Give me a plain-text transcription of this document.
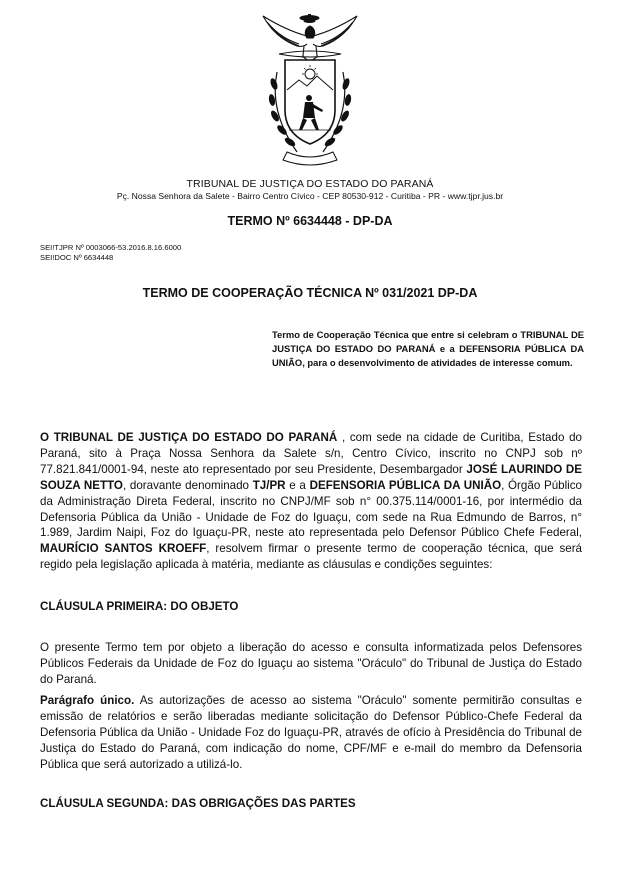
TRIBUNAL DE JUSTIÇA DO ESTADO DO PARANÁ
Pç. Nossa Senhora da Salete - Bairro Centro Cívico - CEP 80530-912 - Curitiba - PR - www.tjpr.jus.br
TERMO Nº 6634448 - DP-DA
SEI!TJPR Nº 0003066-53.2016.8.16.6000
SEI!DOC Nº 6634448
TERMO DE COOPERAÇÃO TÉCNICA Nº 031/2021 DP-DA
Termo de Cooperação Técnica que entre si celebram o TRIBUNAL DE JUSTIÇA DO ESTADO DO PARANÁ e a DEFENSORIA PÚBLICA DA UNIÃO, para o desenvolvimento de atividades de interesse comum.
O TRIBUNAL DE JUSTIÇA DO ESTADO DO PARANÁ , com sede na cidade de Curitiba, Estado do Paraná, sito à Praça Nossa Senhora da Salete s/n, Centro Cívico, inscrito no CNPJ sob nº 77.821.841/0001-94, neste ato representado por seu Presidente, Desembargador JOSÉ LAURINDO DE SOUZA NETTO, doravante denominado TJ/PR e a DEFENSORIA PÚBLICA DA UNIÃO, Órgão Público da Administração Direta Federal, inscrito no CNPJ/MF sob n° 00.375.114/0001-16, por intermédio da Defensoria Pública da União - Unidade de Foz do Iguaçu, com sede na Rua Edmundo de Barros, n° 1.989, Jardim Naipi, Foz do Iguaçu-PR, neste ato representada pelo Defensor Público Chefe Federal, MAURÍCIO SANTOS KROEFF, resolvem firmar o presente termo de cooperação técnica, que será regido pela legislação aplicada à matéria, mediante as cláusulas e condições seguintes:
CLÁUSULA PRIMEIRA: DO OBJETO
O presente Termo tem por objeto a liberação do acesso e consulta informatizada pelos Defensores Públicos Federais da Unidade de Foz do Iguaçu ao sistema "Oráculo" do Tribunal de Justiça do Estado do Paraná.
Parágrafo único. As autorizações de acesso ao sistema "Oráculo" somente permitirão consultas e emissão de relatórios e serão liberadas mediante solicitação do Defensor Público-Chefe Federal da Defensoria Pública da União - Unidade Foz do Iguaçu-PR, através de ofício à Presidência do Tribunal de Justiça do Estado do Paraná, com indicação do nome, CPF/MF e e-mail do membro da Defensoria Pública que será autorizado a utilizá-lo.
CLÁUSULA SEGUNDA: DAS OBRIGAÇÕES DAS PARTES
